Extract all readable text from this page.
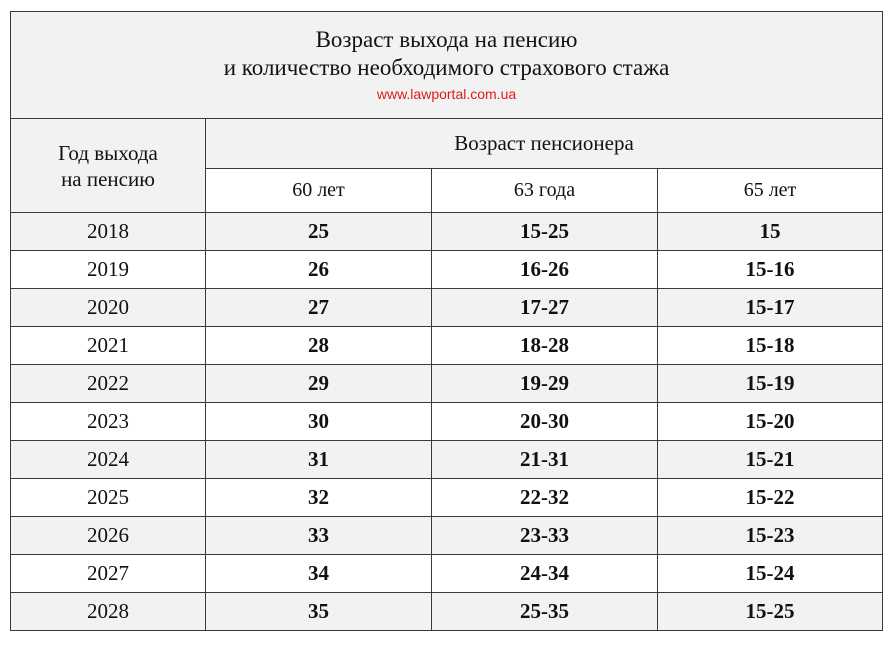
Возраст выхода на пенсию
и количество необходимого страхового стажа
www.lawportal.com.ua			

Год выхода
на пенсию	Возраст пенсионера		
	60 лет	63 года	65 лет
2018	25	15-25	15
2019	26	16-26	15-16
2020	27	17-27	15-17
2021	28	18-28	15-18
2022	29	19-29	15-19
2023	30	20-30	15-20
2024	31	21-31	15-21
2025	32	22-32	15-22
2026	33	23-33	15-23
2027	34	24-34	15-24
2028	35	25-35	15-25
